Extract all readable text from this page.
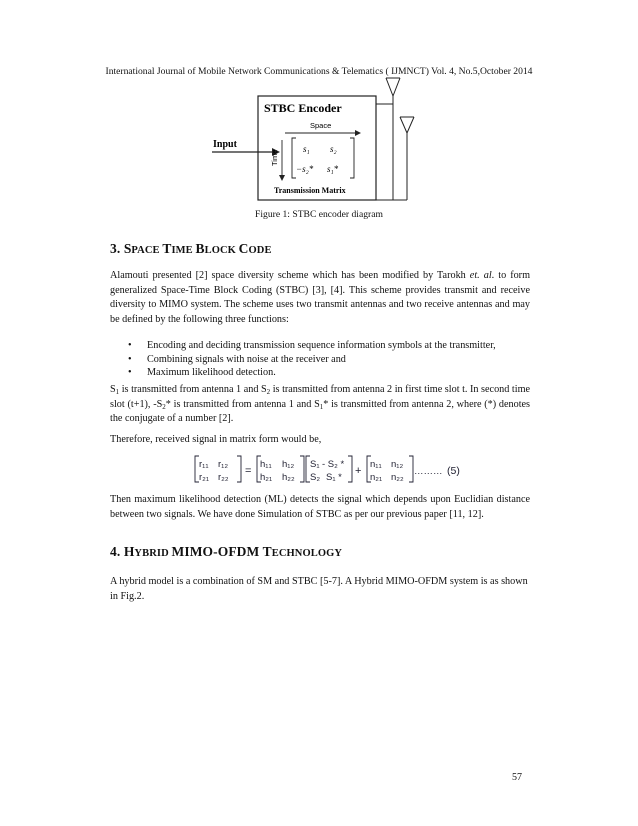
International Journal of Mobile Network Communications & Telematics ( IJMNCT) Vol. 4, No.5,October 2014
Input
STBC Encoder
Space
Time
s₁ s₂
−s₂* s₁*
Transmission Matrix
Figure 1: STBC encoder diagram
3. SPACE TIME BLOCK CODE
Alamouti presented [2] space diversity scheme which has been modified by Tarokh et. al. to form generalized Space-Time Block Coding (STBC) [3], [4]. This scheme provides transmit and receive diversity to MIMO system. The scheme uses two transmit antennas and two receive antennas and may be defined by the following three functions:
• Encoding and deciding transmission sequence information symbols at the transmitter,
• Combining signals with noise at the receiver and
• Maximum likelihood detection.
$S_1$ is transmitted from antenna 1 and $S_2$ is transmitted from antenna 2 in first time slot t. In second time slot (t+1), $-S_2*$ is transmitted from antenna 1 and $S_1*$ is transmitted from antenna 2, where (*) denotes the conjugate of a number [2].
Therefore, received signal in matrix form would be,
r₁₁ r₁₂
r₂₁ r₂₂
=
h₁₁ h₁₂
h₂₁ h₂₂
S₁ - S₂ *
S₂ S₁ *
+
n₁₁ n₁₂
n₂₁ n₂₂
……… (5)
Then maximum likelihood detection (ML) detects the signal which depends upon Euclidian distance between two signals. We have done Simulation of STBC as per our previous paper [11, 12].
4. HYBRID MIMO-OFDM TECHNOLOGY
A hybrid model is a combination of SM and STBC [5-7]. A Hybrid MIMO-OFDM system is as shown in Fig.2.
57
